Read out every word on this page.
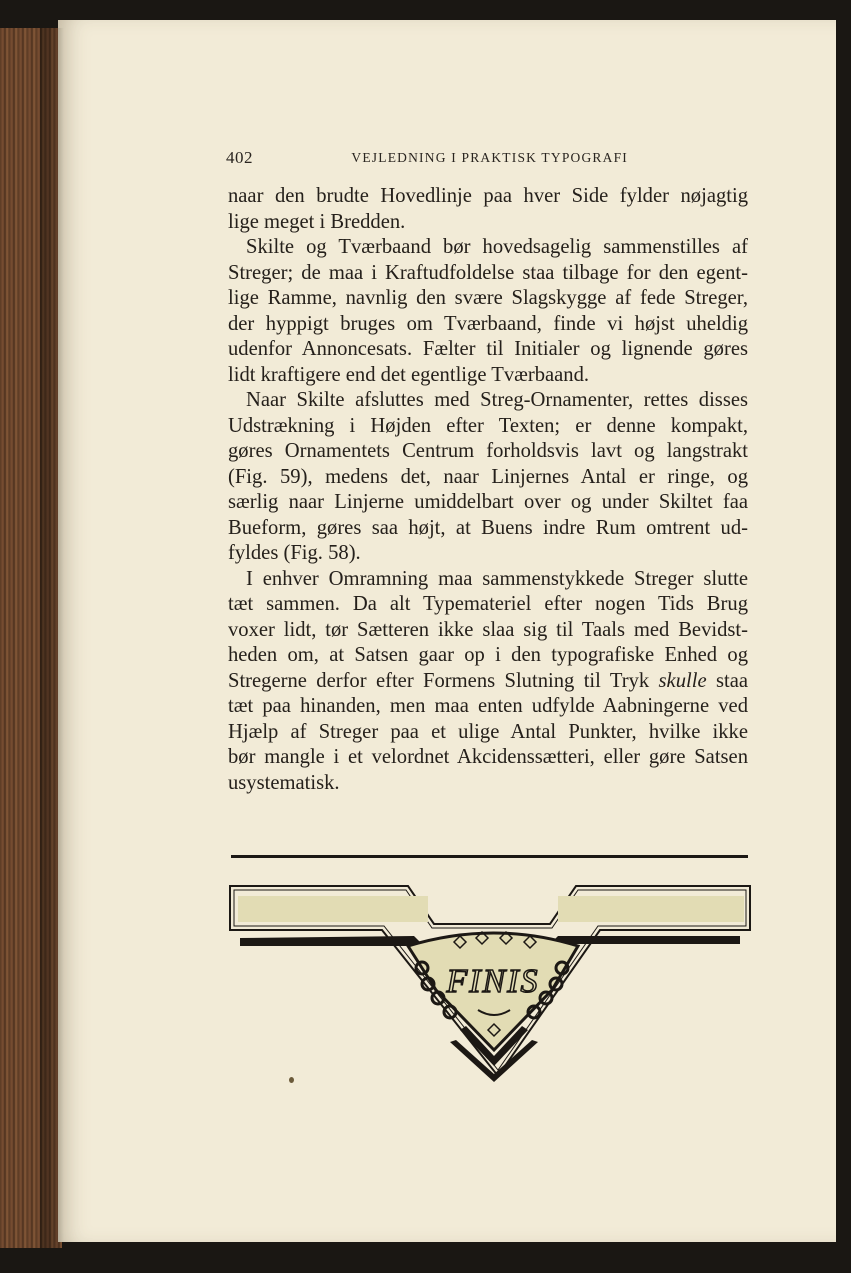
402	VEJLEDNING I PRAKTISK TYPOGRAFI
naar den brudte Hovedlinje paa hver Side fylder nøjagtig
lige meget i Bredden.
Skilte og Tværbaand bør hovedsagelig sammenstilles af
Streger; de maa i Kraftudfoldelse staa tilbage for den egent-
lige Ramme, navnlig den svære Slagskygge af fede Streger,
der hyppigt bruges om Tværbaand, finde vi højst uheldig
udenfor Annoncesats. Fælter til Initialer og lignende gøres
lidt kraftigere end det egentlige Tværbaand.
Naar Skilte afsluttes med Streg-Ornamenter, rettes disses
Udstrækning i Højden efter Texten; er denne kompakt,
gøres Ornamentets Centrum forholdsvis lavt og langstrakt
(Fig. 59), medens det, naar Linjernes Antal er ringe, og
særlig naar Linjerne umiddelbart over og under Skiltet faa
Bueform, gøres saa højt, at Buens indre Rum omtrent ud-
fyldes (Fig. 58).
I enhver Omramning maa sammenstykkede Streger slutte
tæt sammen. Da alt Typemateriel efter nogen Tids Brug
voxer lidt, tør Sætteren ikke slaa sig til Taals med Bevidst-
heden om, at Satsen gaar op i den typografiske Enhed og
Stregerne derfor efter Formens Slutning til Tryk skulle staa
tæt paa hinanden, men maa enten udfylde Aabningerne ved
Hjælp af Streger paa et ulige Antal Punkter, hvilke ikke
bør mangle i et velordnet Akcidenssætteri, eller gøre Satsen
usystematisk.
FINIS
